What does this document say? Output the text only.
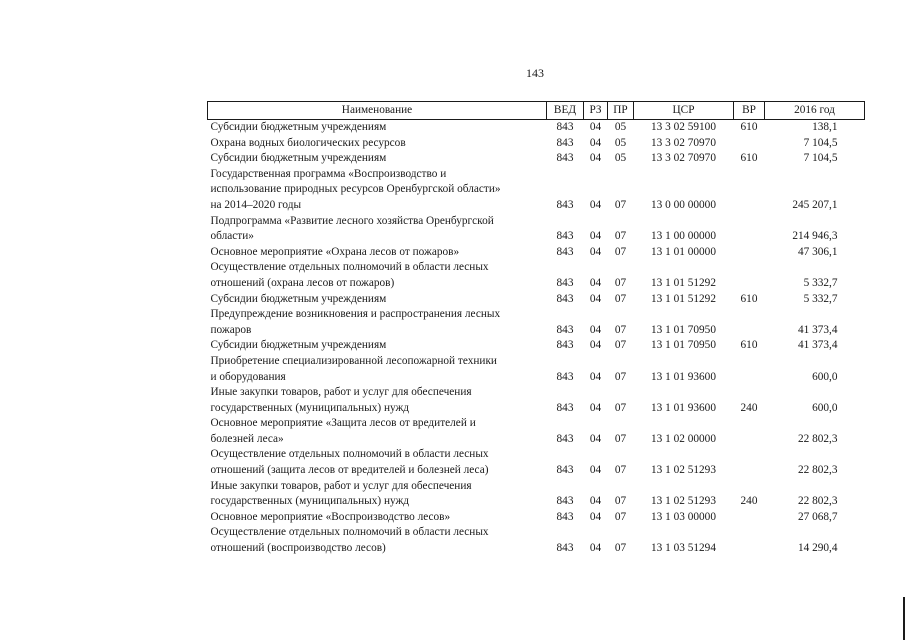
143
Наименование	ВЕД	РЗ	ПР	ЦСР	ВР	2016 год

Субсидии бюджетным учреждениям	843	04	05	13 3 02 59100	610	138,1

Охрана водных биологических ресурсов	843	04	05	13 3 02 70970		7 104,5

Субсидии бюджетным учреждениям	843	04	05	13 3 02 70970	610	7 104,5

Государственная программа «Воспроизводство и
использование природных ресурсов Оренбургской области»
на 2014–2020 годы	843	04	07	13 0 00 00000		245 207,1

Подпрограмма «Развитие лесного хозяйства Оренбургской
области»	843	04	07	13 1 00 00000		214 946,3

Основное мероприятие «Охрана лесов от пожаров»	843	04	07	13 1 01 00000		47 306,1

Осуществление отдельных полномочий в области лесных
отношений (охрана лесов от пожаров)	843	04	07	13 1 01 51292		5 332,7

Субсидии бюджетным учреждениям	843	04	07	13 1 01 51292	610	5 332,7

Предупреждение возникновения и распространения лесных
пожаров	843	04	07	13 1 01 70950		41 373,4

Субсидии бюджетным учреждениям	843	04	07	13 1 01 70950	610	41 373,4

Приобретение специализированной лесопожарной техники
и оборудования	843	04	07	13 1 01 93600		600,0

Иные закупки товаров, работ и услуг для обеспечения
государственных (муниципальных) нужд	843	04	07	13 1 01 93600	240	600,0

Основное мероприятие «Защита лесов от вредителей и
болезней леса»	843	04	07	13 1 02 00000		22 802,3

Осуществление отдельных полномочий в области лесных
отношений (защита лесов от вредителей и болезней леса)	843	04	07	13 1 02 51293		22 802,3

Иные закупки товаров, работ и услуг для обеспечения
государственных (муниципальных) нужд	843	04	07	13 1 02 51293	240	22 802,3

Основное мероприятие «Воспроизводство лесов»	843	04	07	13 1 03 00000		27 068,7

Осуществление отдельных полномочий в области лесных
отношений (воспроизводство лесов)	843	04	07	13 1 03 51294		14 290,4
